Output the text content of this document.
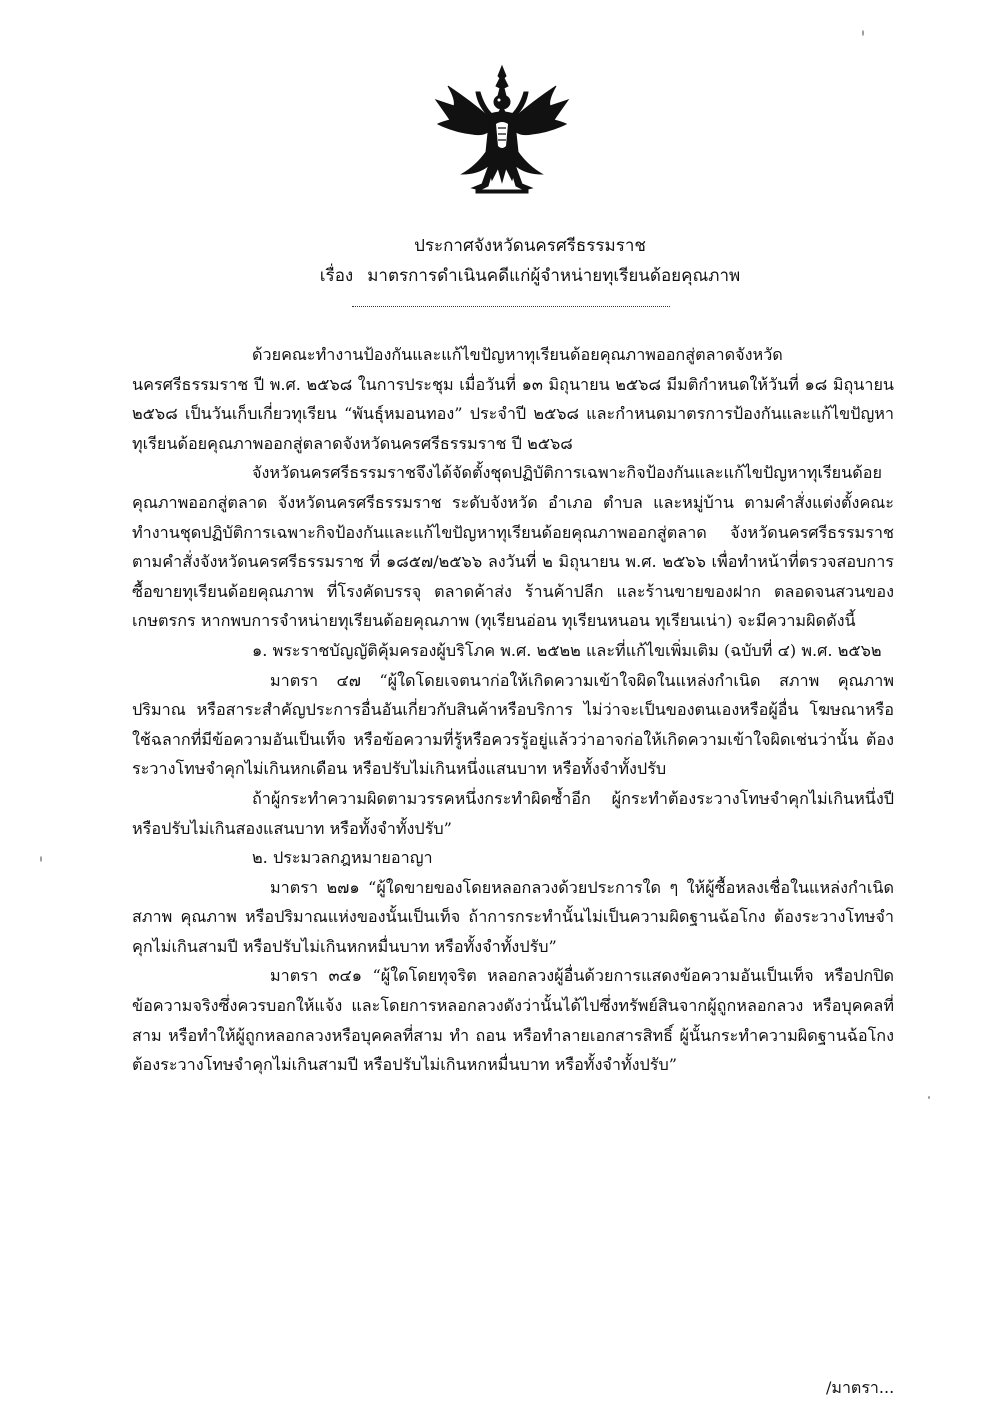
ประกาศจังหวัดนครศรีธรรมราช
เรื่อง มาตรการดำเนินคดีแก่ผู้จำหน่ายทุเรียนด้อยคุณภาพ

ด้วยคณะทำงานป้องกันและแก้ไขปัญหาทุเรียนด้อยคุณภาพออกสู่ตลาดจังหวัดนครศรีธรรมราช ปี พ.ศ. ๒๕๖๘ ในการประชุม เมื่อวันที่ ๑๓ มิถุนายน ๒๕๖๘ มีมติกำหนดให้วันที่ ๑๘ มิถุนายน ๒๕๖๘ เป็นวันเก็บเกี่ยวทุเรียน “พันธุ์หมอนทอง” ประจำปี ๒๕๖๘ และกำหนดมาตรการป้องกันและแก้ไขปัญหาทุเรียนด้อยคุณภาพออกสู่ตลาดจังหวัดนครศรีธรรมราช ปี ๒๕๖๘

จังหวัดนครศรีธรรมราชจึงได้จัดตั้งชุดปฏิบัติการเฉพาะกิจป้องกันและแก้ไขปัญหาทุเรียนด้อยคุณภาพออกสู่ตลาด จังหวัดนครศรีธรรมราช ระดับจังหวัด อำเภอ ตำบล และหมู่บ้าน ตามคำสั่งแต่งตั้งคณะทำงานชุดปฏิบัติการเฉพาะกิจป้องกันและแก้ไขปัญหาทุเรียนด้อยคุณภาพออกสู่ตลาด จังหวัดนครศรีธรรมราช ตามคำสั่งจังหวัดนครศรีธรรมราช ที่ ๑๘๕๗/๒๕๖๖ ลงวันที่ ๒ มิถุนายน พ.ศ. ๒๕๖๖ เพื่อทำหน้าที่ตรวจสอบการซื้อขายทุเรียนด้อยคุณภาพ ที่โรงคัดบรรจุ ตลาดค้าส่ง ร้านค้าปลีก และร้านขายของฝาก ตลอดจนสวนของเกษตรกร หากพบการจำหน่ายทุเรียนด้อยคุณภาพ (ทุเรียนอ่อน ทุเรียนหนอน ทุเรียนเน่า) จะมีความผิดดังนี้

๑. พระราชบัญญัติคุ้มครองผู้บริโภค พ.ศ. ๒๕๒๒ และที่แก้ไขเพิ่มเติม (ฉบับที่ ๔) พ.ศ. ๒๕๖๒

มาตรา ๔๗ “ผู้ใดโดยเจตนาก่อให้เกิดความเข้าใจผิดในแหล่งกำเนิด สภาพ คุณภาพ ปริมาณ หรือสาระสำคัญประการอื่นอันเกี่ยวกับสินค้าหรือบริการ ไม่ว่าจะเป็นของตนเองหรือผู้อื่น โฆษณาหรือใช้ฉลากที่มีข้อความอันเป็นเท็จ หรือข้อความที่รู้หรือควรรู้อยู่แล้วว่าอาจก่อให้เกิดความเข้าใจผิดเช่นว่านั้น ต้องระวางโทษจำคุกไม่เกินหกเดือน หรือปรับไม่เกินหนึ่งแสนบาท หรือทั้งจำทั้งปรับ

ถ้าผู้กระทำความผิดตามวรรคหนึ่งกระทำผิดซ้ำอีก ผู้กระทำต้องระวางโทษจำคุกไม่เกินหนึ่งปี หรือปรับไม่เกินสองแสนบาท หรือทั้งจำทั้งปรับ”

๒. ประมวลกฎหมายอาญา

มาตรา ๒๗๑ “ผู้ใดขายของโดยหลอกลวงด้วยประการใด ๆ ให้ผู้ซื้อหลงเชื่อในแหล่งกำเนิด สภาพ คุณภาพ หรือปริมาณแห่งของนั้นเป็นเท็จ ถ้าการกระทำนั้นไม่เป็นความผิดฐานฉ้อโกง ต้องระวางโทษจำคุกไม่เกินสามปี หรือปรับไม่เกินหกหมื่นบาท หรือทั้งจำทั้งปรับ”

มาตรา ๓๔๑ “ผู้ใดโดยทุจริต หลอกลวงผู้อื่นด้วยการแสดงข้อความอันเป็นเท็จ หรือปกปิดข้อความจริงซึ่งควรบอกให้แจ้ง และโดยการหลอกลวงดังว่านั้นได้ไปซึ่งทรัพย์สินจากผู้ถูกหลอกลวง หรือบุคคลที่สาม หรือทำให้ผู้ถูกหลอกลวงหรือบุคคลที่สาม ทำ ถอน หรือทำลายเอกสารสิทธิ์ ผู้นั้นกระทำความผิดฐานฉ้อโกง ต้องระวางโทษจำคุกไม่เกินสามปี หรือปรับไม่เกินหกหมื่นบาท หรือทั้งจำทั้งปรับ”

/มาตรา...
